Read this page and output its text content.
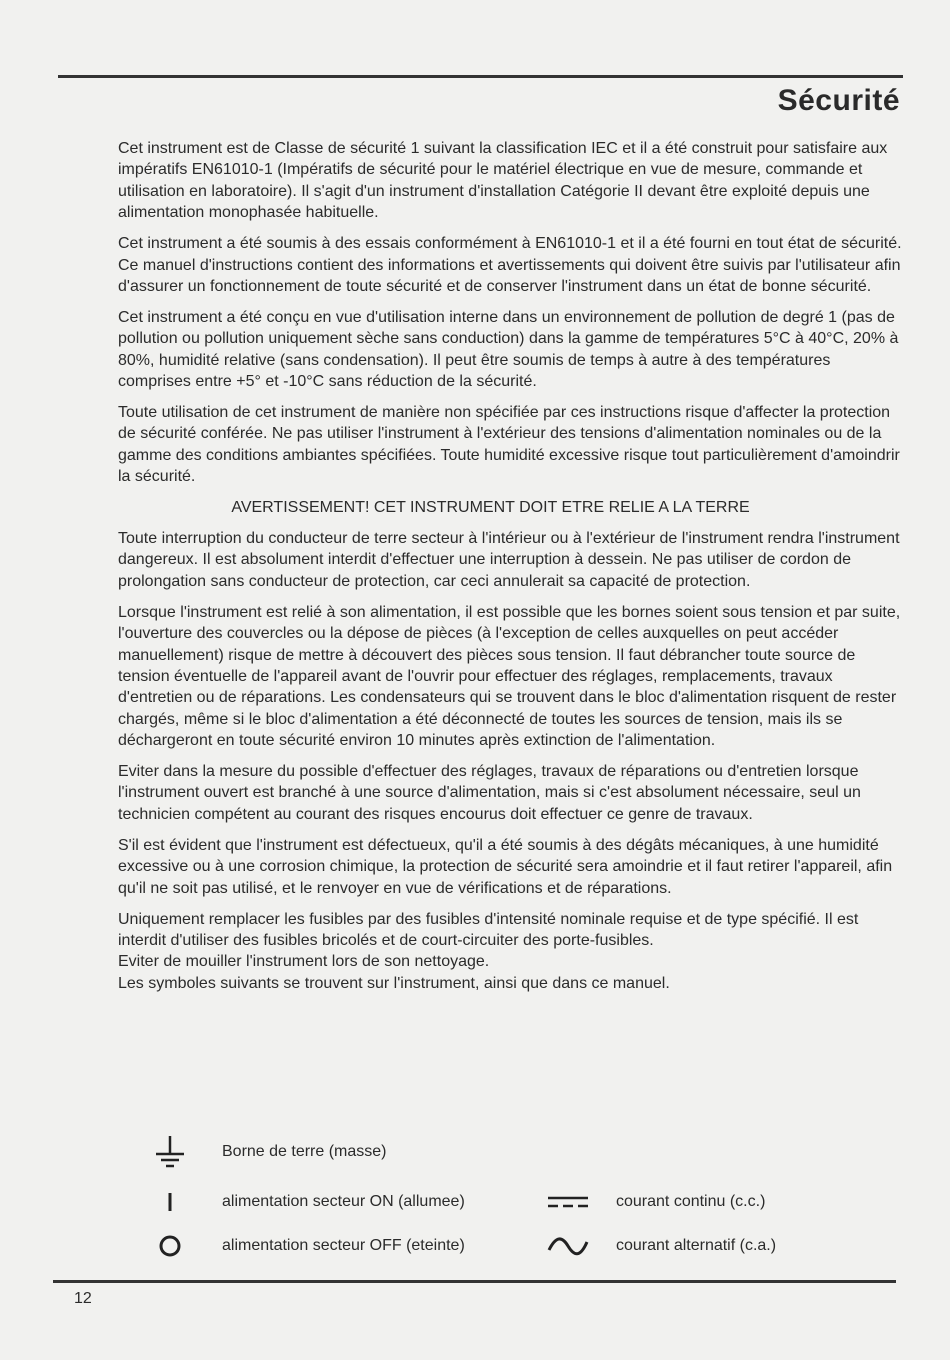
Sécurité

Cet instrument est de Classe de sécurité 1 suivant la classification IEC et il a été construit pour satisfaire aux impératifs EN61010-1 (Impératifs de sécurité pour le matériel électrique en vue de mesure, commande et utilisation en laboratoire). Il s'agit d'un instrument d'installation Catégorie II devant être exploité depuis une alimentation monophasée habituelle.

Cet instrument a été soumis à des essais conformément à EN61010-1 et il a été fourni en tout état de sécurité. Ce manuel d'instructions contient des informations et avertissements qui doivent être suivis par l'utilisateur afin d'assurer un fonctionnement de toute sécurité et de conserver l'instrument dans un état de bonne sécurité.

Cet instrument a été conçu en vue d'utilisation interne dans un environnement de pollution de degré 1 (pas de pollution ou pollution uniquement sèche sans conduction) dans la gamme de températures 5°C à 40°C, 20% à 80%, humidité relative (sans condensation). Il peut être soumis de temps à autre à des températures comprises entre +5° et -10°C sans réduction de la sécurité.

Toute utilisation de cet instrument de manière non spécifiée par ces instructions risque d'affecter la protection de sécurité conférée. Ne pas utiliser l'instrument à l'extérieur des tensions d'alimentation nominales ou de la gamme des conditions ambiantes spécifiées. Toute humidité excessive risque tout particulièrement d'amoindrir la sécurité.

AVERTISSEMENT! CET INSTRUMENT DOIT ETRE RELIE A LA TERRE

Toute interruption du conducteur de terre secteur à l'intérieur ou à l'extérieur de l'instrument rendra l'instrument dangereux. Il est absolument interdit d'effectuer une interruption à dessein. Ne pas utiliser de cordon de prolongation sans conducteur de protection, car ceci annulerait sa capacité de protection.

Lorsque l'instrument est relié à son alimentation, il est possible que les bornes soient sous tension et par suite, l'ouverture des couvercles ou la dépose de pièces (à l'exception de celles auxquelles on peut accéder manuellement) risque de mettre à découvert des pièces sous tension. Il faut débrancher toute source de tension éventuelle de l'appareil avant de l'ouvrir pour effectuer des réglages, remplacements, travaux d'entretien ou de réparations. Les condensateurs qui se trouvent dans le bloc d'alimentation risquent de rester chargés, même si le bloc d'alimentation a été déconnecté de toutes les sources de tension, mais ils se déchargeront en toute sécurité environ 10 minutes après extinction de l'alimentation.

Eviter dans la mesure du possible d'effectuer des réglages, travaux de réparations ou d'entretien lorsque l'instrument ouvert est branché à une source d'alimentation, mais si c'est absolument nécessaire, seul un technicien compétent au courant des risques encourus doit effectuer ce genre de travaux.

S'il est évident que l'instrument est défectueux, qu'il a été soumis à des dégâts mécaniques, à une humidité excessive ou à une corrosion chimique, la protection de sécurité sera amoindrie et il faut retirer l'appareil, afin qu'il ne soit pas utilisé, et le renvoyer en vue de vérifications et de réparations.

Uniquement remplacer les fusibles par des fusibles d'intensité nominale requise et de type spécifié. Il est interdit d'utiliser des fusibles bricolés et de court-circuiter des porte-fusibles.

Eviter de mouiller l'instrument lors de son nettoyage.

Les symboles suivants se trouvent sur l'instrument, ainsi que dans ce manuel.

Borne de terre (masse)
alimentation secteur ON (allumee)
alimentation secteur OFF (eteinte)
courant continu (c.c.)
courant alternatif (c.a.)
12
